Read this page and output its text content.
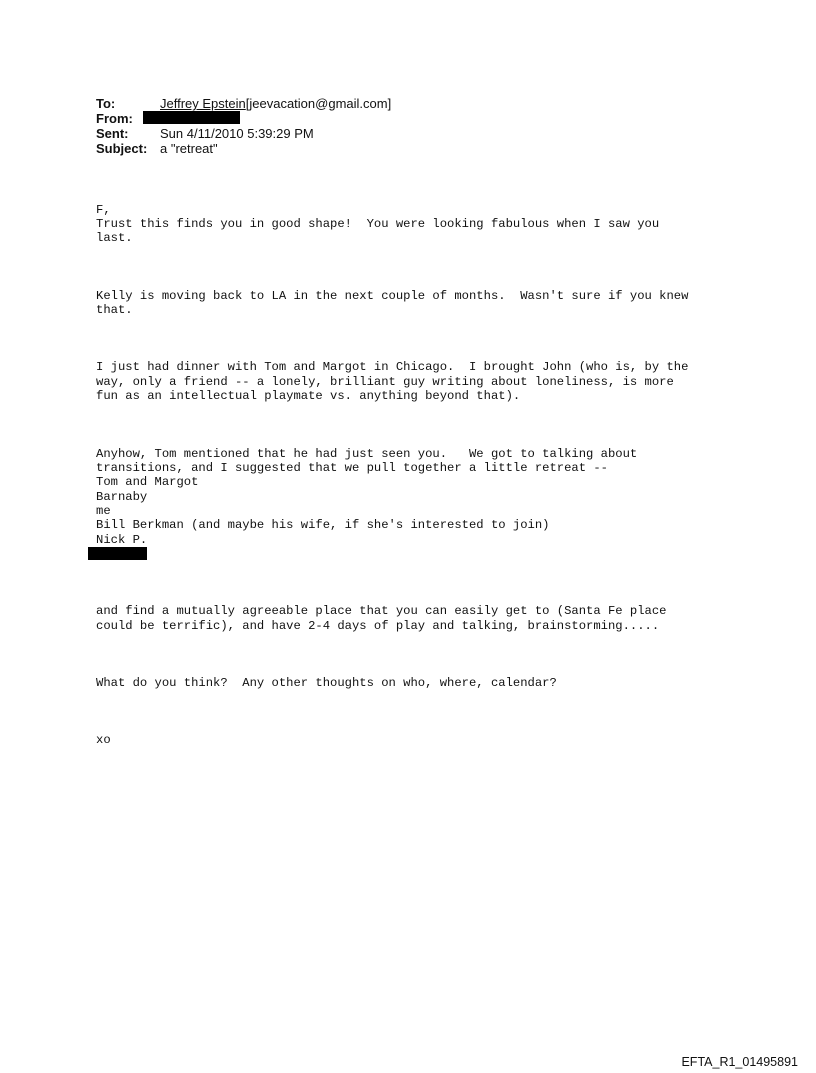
To:	Jeffrey Epstein[jeevacation@gmail.com]
From:
Sent:	Sun 4/11/2010 5:39:29 PM
Subject: a "retreat"

F,
Trust this finds you in good shape!  You were looking fabulous when I saw you
last.

Kelly is moving back to LA in the next couple of months.  Wasn't sure if you knew
that.

I just had dinner with Tom and Margot in Chicago.  I brought John (who is, by the
way, only a friend -- a lonely, brilliant guy writing about loneliness, is more
fun as an intellectual playmate vs. anything beyond that).

Anyhow, Tom mentioned that he had just seen you.   We got to talking about
transitions, and I suggested that we pull together a little retreat --
Tom and Margot
Barnaby
me
Bill Berkman (and maybe his wife, if she's interested to join)
Nick P.

and find a mutually agreeable place that you can easily get to (Santa Fe place
could be terrific), and have 2-4 days of play and talking, brainstorming.....

What do you think?  Any other thoughts on who, where, calendar?

xo

EFTA_R1_01495891
